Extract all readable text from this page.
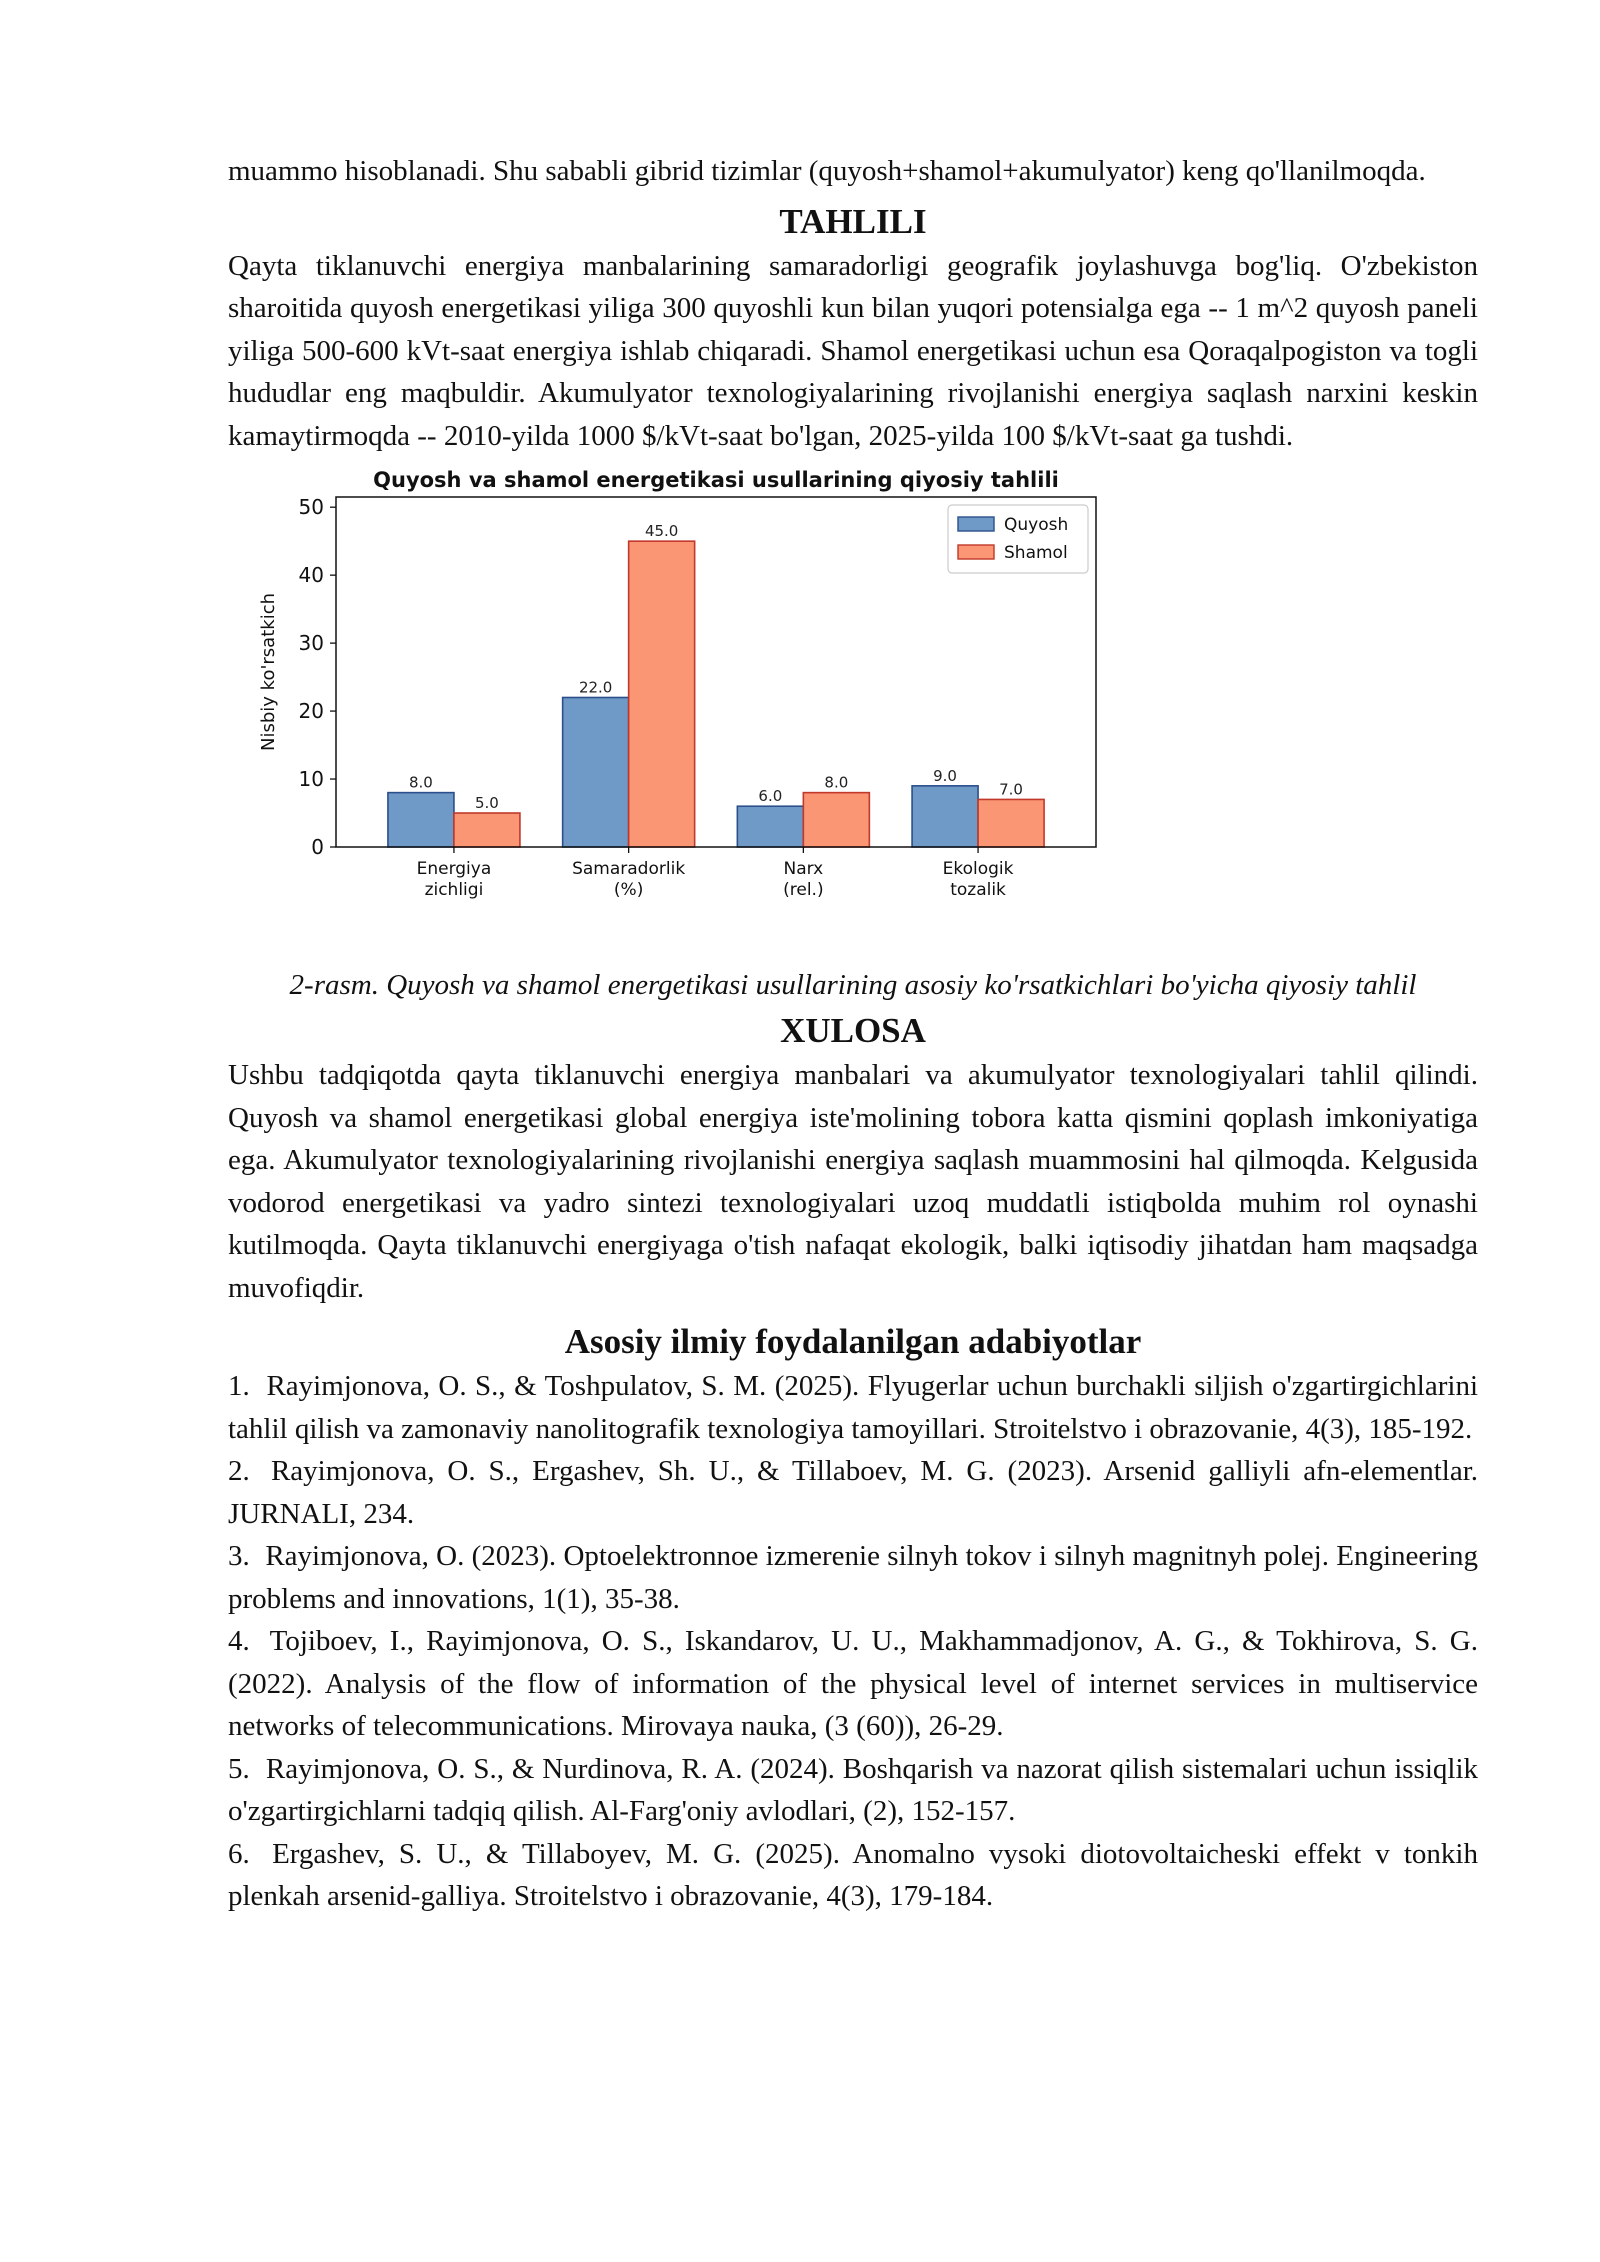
muammo hisoblanadi. Shu sababli gibrid tizimlar (quyosh+shamol+akumulyator) keng qo'llanilmoqda.

TAHLILI

Qayta tiklanuvchi energiya manbalarining samaradorligi geografik joylashuvga bog'liq. O'zbekiston sharoitida quyosh energetikasi yiliga 300 quyoshli kun bilan yuqori potensialga ega -- 1 m^2 quyosh paneli yiliga 500-600 kVt-saat energiya ishlab chiqaradi. Shamol energetikasi uchun esa Qoraqalpogiston va togli hududlar eng maqbuldir. Akumulyator texnologiyalarining rivojlanishi energiya saqlash narxini keskin kamaytirmoqda -- 2010-yilda 1000 $/kVt-saat bo'lgan, 2025-yilda 100 $/kVt-saat ga tushdi.

Quyosh va shamol energetikasi usullarining qiyosiy tahlili
Nisbiy ko'rsatkich
0
10
20
30
40
50
8.0
5.0
Energiya
zichligi
22.0
45.0
Samaradorlik
(%)
6.0
8.0
Narx
(rel.)
9.0
7.0
Ekologik
tozalik
Quyosh
Shamol
2-rasm. Quyosh va shamol energetikasi usullarining asosiy ko'rsatkichlari bo'yicha qiyosiy tahlil
XULOSA

Ushbu tadqiqotda qayta tiklanuvchi energiya manbalari va akumulyator texnologiyalari tahlil qilindi. Quyosh va shamol energetikasi global energiya iste'molining tobora katta qismini qoplash imkoniyatiga ega. Akumulyator texnologiyalarining rivojlanishi energiya saqlash muammosini hal qilmoqda. Kelgusida vodorod energetikasi va yadro sintezi texnologiyalari uzoq muddatli istiqbolda muhim rol oynashi kutilmoqda. Qayta tiklanuvchi energiyaga o'tish nafaqat ekologik, balki iqtisodiy jihatdan ham maqsadga muvofiqdir.

Asosiy ilmiy foydalanilgan adabiyotlar
1. Rayimjonova, O. S., & Toshpulatov, S. M. (2025). Flyugerlar uchun burchakli siljish o'zgartirgichlarini tahlil qilish va zamonaviy nanolitografik texnologiya tamoyillari. Stroitelstvo i obrazovanie, 4(3), 185-192.
2. Rayimjonova, O. S., Ergashev, Sh. U., & Tillaboev, M. G. (2023). Arsenid galliyli afn-elementlar. JURNALI, 234.
3. Rayimjonova, O. (2023). Optoelektronnoe izmerenie silnyh tokov i silnyh magnitnyh polej. Engineering problems and innovations, 1(1), 35-38.
4. Tojiboev, I., Rayimjonova, O. S., Iskandarov, U. U., Makhammadjonov, A. G., & Tokhirova, S. G. (2022). Analysis of the flow of information of the physical level of internet services in multiservice networks of telecommunications. Mirovaya nauka, (3 (60)), 26-29.
5. Rayimjonova, O. S., & Nurdinova, R. A. (2024). Boshqarish va nazorat qilish sistemalari uchun issiqlik o'zgartirgichlarni tadqiq qilish. Al-Farg'oniy avlodlari, (2), 152-157.
6. Ergashev, S. U., & Tillaboyev, M. G. (2025). Anomalno vysoki diotovoltaicheski effekt v tonkih plenkah arsenid-galliya. Stroitelstvo i obrazovanie, 4(3), 179-184.
